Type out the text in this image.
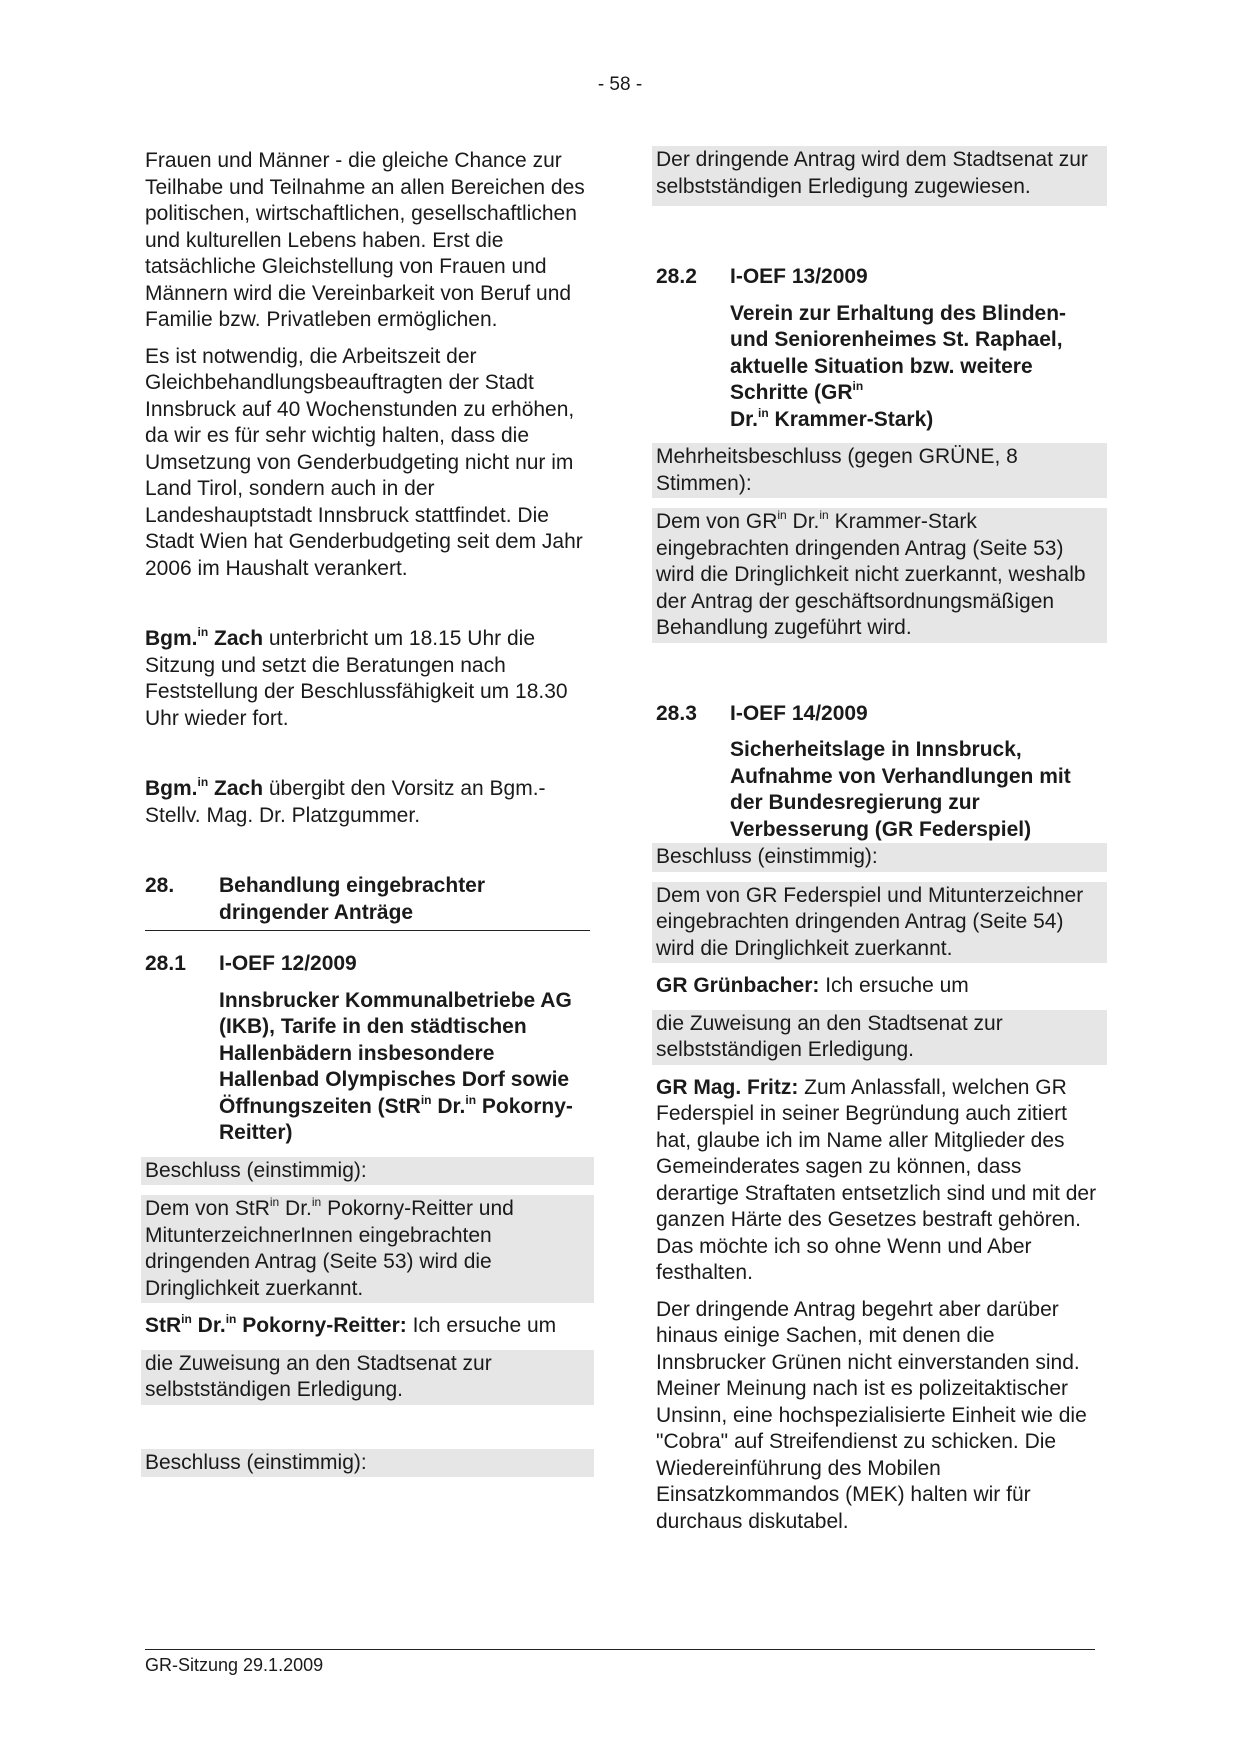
- 58 -

Frauen und Männer - die gleiche Chance zur Teilhabe und Teilnahme an allen Bereichen des politischen, wirtschaftlichen, gesellschaftlichen und kulturellen Lebens haben. Erst die tatsächliche Gleichstellung von Frauen und Männern wird die Vereinbarkeit von Beruf und Familie bzw. Privatleben ermöglichen.

Es ist notwendig, die Arbeitszeit der Gleichbehandlungsbeauftragten der Stadt Innsbruck auf 40 Wochenstunden zu erhöhen, da wir es für sehr wichtig halten, dass die Umsetzung von Genderbudgeting nicht nur im Land Tirol, sondern auch in der Landeshauptstadt Innsbruck stattfindet. Die Stadt Wien hat Genderbudgeting seit dem Jahr 2006 im Haushalt verankert.

Bgm.$^{in}$ Zach unterbricht um 18.15 Uhr die Sitzung und setzt die Beratungen nach Feststellung der Beschlussfähigkeit um 18.30 Uhr wieder fort.

Bgm.$^{in}$ Zach übergibt den Vorsitz an Bgm.-Stellv. Mag. Dr. Platzgummer.

28.	Behandlung eingebrachter dringender Anträge
28.1	I-OEF 12/2009

Innsbrucker Kommunalbetriebe AG (IKB), Tarife in den städtischen Hallenbädern insbesondere Hallenbad Olympisches Dorf sowie Öffnungszeiten (StR$^{in}$ Dr.$^{in}$ Pokorny-Reitter)

Beschluss (einstimmig):

Dem von StR$^{in}$ Dr.$^{in}$ Pokorny-Reitter und MitunterzeichnerInnen eingebrachten dringenden Antrag (Seite 53) wird die Dringlichkeit zuerkannt.

StR$^{in}$ Dr.$^{in}$ Pokorny-Reitter: Ich ersuche um

die Zuweisung an den Stadtsenat zur selbstständigen Erledigung.

Beschluss (einstimmig):

Der dringende Antrag wird dem Stadtsenat zur selbstständigen Erledigung zugewiesen.

28.2	I-OEF 13/2009

Verein zur Erhaltung des Blinden- und Seniorenheimes St. Raphael, aktuelle Situation bzw. weitere Schritte ($GR^{in}$
Dr.$^{in}$ Krammer-Stark)

Mehrheitsbeschluss (gegen GRÜNE, 8 Stimmen):

Dem von $GR^{in}$ Dr.$^{in}$ Krammer-Stark eingebrachten dringenden Antrag (Seite 53) wird die Dringlichkeit nicht zuerkannt, weshalb der Antrag der geschäftsordnungsmäßigen Behandlung zugeführt wird.

28.3	I-OEF 14/2009

Sicherheitslage in Innsbruck, Aufnahme von Verhandlungen mit der Bundesregierung zur Verbesserung (GR Federspiel)

Beschluss (einstimmig):

Dem von GR Federspiel und Mitunterzeichner eingebrachten dringenden Antrag (Seite 54) wird die Dringlichkeit zuerkannt.

GR Grünbacher: Ich ersuche um

die Zuweisung an den Stadtsenat zur selbstständigen Erledigung.

GR Mag. Fritz: Zum Anlassfall, welchen GR Federspiel in seiner Begründung auch zitiert hat, glaube ich im Name aller Mitglieder des Gemeinderates sagen zu können, dass derartige Straftaten entsetzlich sind und mit der ganzen Härte des Gesetzes bestraft gehören. Das möchte ich so ohne Wenn und Aber festhalten.

Der dringende Antrag begehrt aber darüber hinaus einige Sachen, mit denen die Innsbrucker Grünen nicht einverstanden sind. Meiner Meinung nach ist es polizeitaktischer Unsinn, eine hochspezialisierte Einheit wie die "Cobra" auf Streifendienst zu schicken. Die Wiedereinführung des Mobilen Einsatzkommandos (MEK) halten wir für durchaus diskutabel.

GR-Sitzung 29.1.2009
